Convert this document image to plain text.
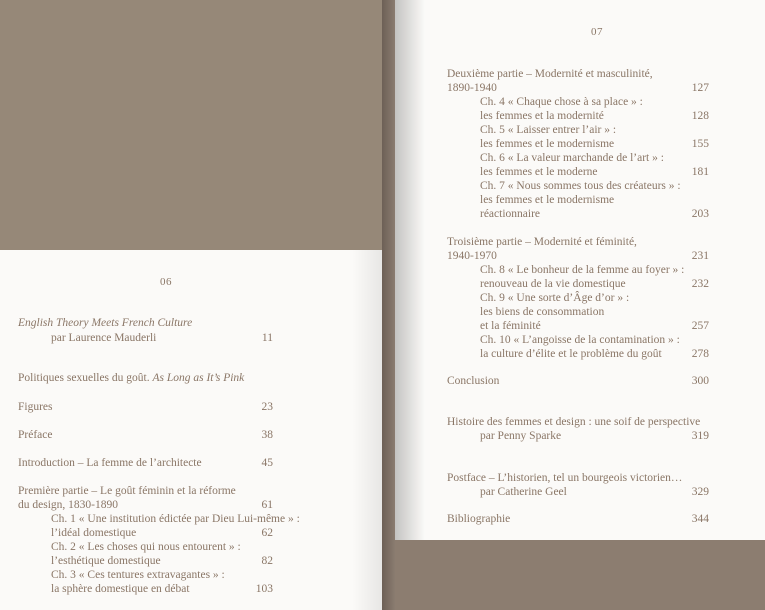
06
English Theory Meets French Culture
par Laurence Mauderli	11
Politiques sexuelles du goût. As Long as It’s Pink
Figures	23
Préface	38
Introduction – La femme de l’architecte	45
Première partie – Le goût féminin et la réforme
du design, 1830-1890	61
Ch. 1 « Une institution édictée par Dieu Lui-même » :
l’idéal domestique	62
Ch. 2 « Les choses qui nous entourent » :
l’esthétique domestique	82
Ch. 3 « Ces tentures extravagantes » :
la sphère domestique en débat	103
07
Deuxième partie – Modernité et masculinité,
1890-1940	127
Ch. 4 « Chaque chose à sa place » :
les femmes et la modernité	128
Ch. 5 « Laisser entrer l’air » :
les femmes et le modernisme	155
Ch. 6 « La valeur marchande de l’art » :
les femmes et le moderne	181
Ch. 7 « Nous sommes tous des créateurs » :
les femmes et le modernisme
réactionnaire	203
Troisième partie – Modernité et féminité,
1940-1970	231
Ch. 8 « Le bonheur de la femme au foyer » :
renouveau de la vie domestique	232
Ch. 9 « Une sorte d’Âge d’or » :
les biens de consommation
et la féminité	257
Ch. 10 « L’angoisse de la contamination » :
la culture d’élite et le problème du goût	278
Conclusion	300
Histoire des femmes et design : une soif de perspective
par Penny Sparke	319
Postface – L’historien, tel un bourgeois victorien…
par Catherine Geel	329
Bibliographie	344
